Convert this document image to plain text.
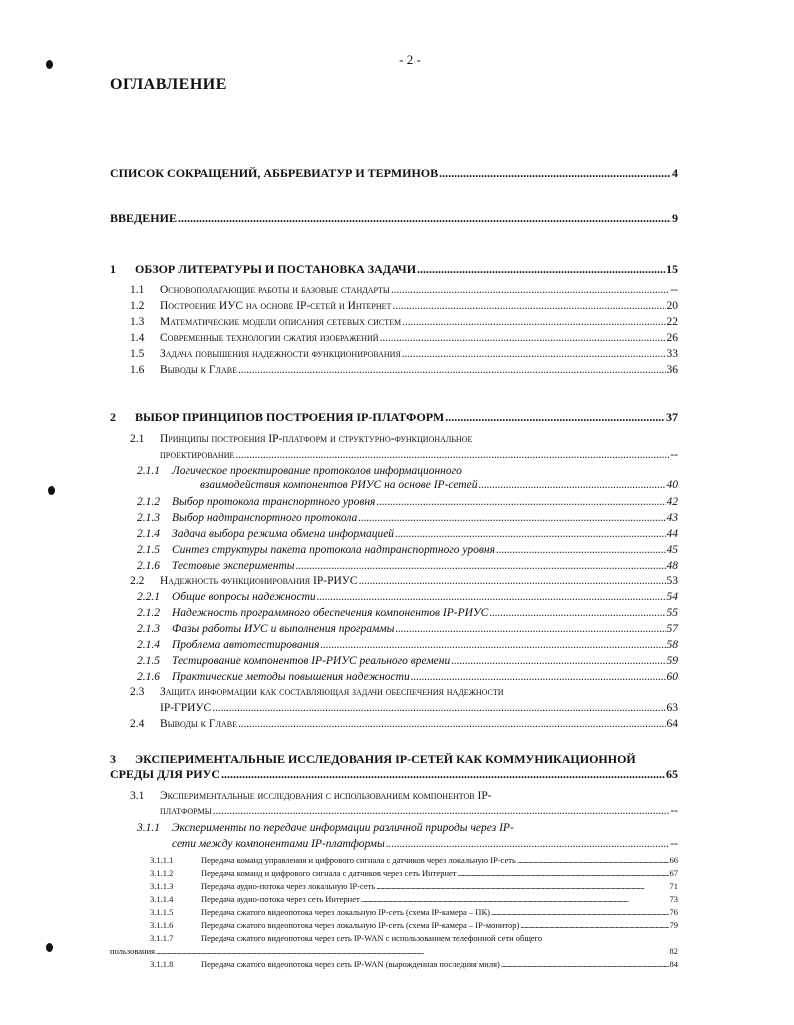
- 2 -
ОГЛАВЛЕНИЕ
СПИСОК СОКРАЩЕНИЙ, АББРЕВИАТУР И ТЕРМИНОВ . . .	4
ВВЕДЕНИЕ . . .	9
1	ОБЗОР ЛИТЕРАТУРЫ И ПОСТАНОВКА ЗАДАЧИ . . .	15
1.1	Основополагающие работы и базовые стандарты . . .	--
1.2	Построение ИУС на основе IP-сетей и Интернет . . .	20
1.3	Математические модели описания сетевых систем . . .	22
1.4	Современные технологии сжатия изображений . . .	26
1.5	Задача повышения надежности функционирования . . .	33
1.6	Выводы к Главе . . .	36
2	ВЫБОР ПРИНЦИПОВ ПОСТРОЕНИЯ IP-ПЛАТФОРМ . . .	37
2.1 Принципы построения IP-платформ и структурно-функциональное
проектирование . . .	--
2.1.1 Логическое проектирование протоколов информационного
взаимодействия компонентов РИУС на основе IP-сетей . . .	40
2.1.2	Выбор протокола транспортного уровня . . .	42
2.1.3	Выбор надтранспортного протокола . . .	43
2.1.4	Задача выбора режима обмена информацией . . .	44
2.1.5	Синтез структуры пакета протокола надтранспортного уровня . . .	45
2.1.6	Тестовые эксперименты . . .	48
2.2	Надежность функционирования IP-РИУС . . .	53
2.2.1	Общие вопросы надежности . . .	54
2.1.2	Надежность программного обеспечения компонентов IP-РИУС . . .	55
2.1.3	Фазы работы ИУС и выполнения программы . . .	57
2.1.4	Проблема автотестирования . . .	58
2.1.5	Тестирование компонентов IP-РИУС реального времени . . .	59
2.1.6	Практические методы повышения надежности . . .	60
2.3 Защита информации как составляющая задачи обеспечения надежности
IP-ГРИУС . . .	63
2.4	Выводы к Главе . . .	64
3 ЭКСПЕРИМЕНТАЛЬНЫЕ ИССЛЕДОВАНИЯ IP-СЕТЕЙ КАК КОММУНИКАЦИОННОЙ
СРЕДЫ ДЛЯ РИУС . . .	65
3.1 Экспериментальные исследования с использованием компонентов IP-
платформы . . .	--
3.1.1 Эксперименты по передаче информации различной природы через IP-
сети между компонентами IP-платформы . . .	--
3.1.1.1	Передача команд управления и цифрового сигнала с датчиков через локальную IP-сеть . . .	66
3.1.1.2	Передача команд и цифрового сигнала с датчиков через сеть Интернет . . .	67
3.1.1.3	Передача аудио-потока через локальную IP-сеть . . .	71
3.1.1.4	Передача аудио-потока через сеть Интернет . . .	73
3.1.1.5	Передача сжатого видеопотока через локальную IP-сеть (схема IP-камера – ПК) . . .	76
3.1.1.6	Передача сжатого видеопотока через локальную IP-сеть (схема IP-камера – IP-монитор) . . .	79
3.1.1.7	Передача сжатого видеопотока через сеть IP-WAN с использованием телефонной сети общего
пользования . . .	82
3.1.1.8	Передача сжатого видеопотока через сеть IP-WAN (вырожденная последняя миля) . . .	84
